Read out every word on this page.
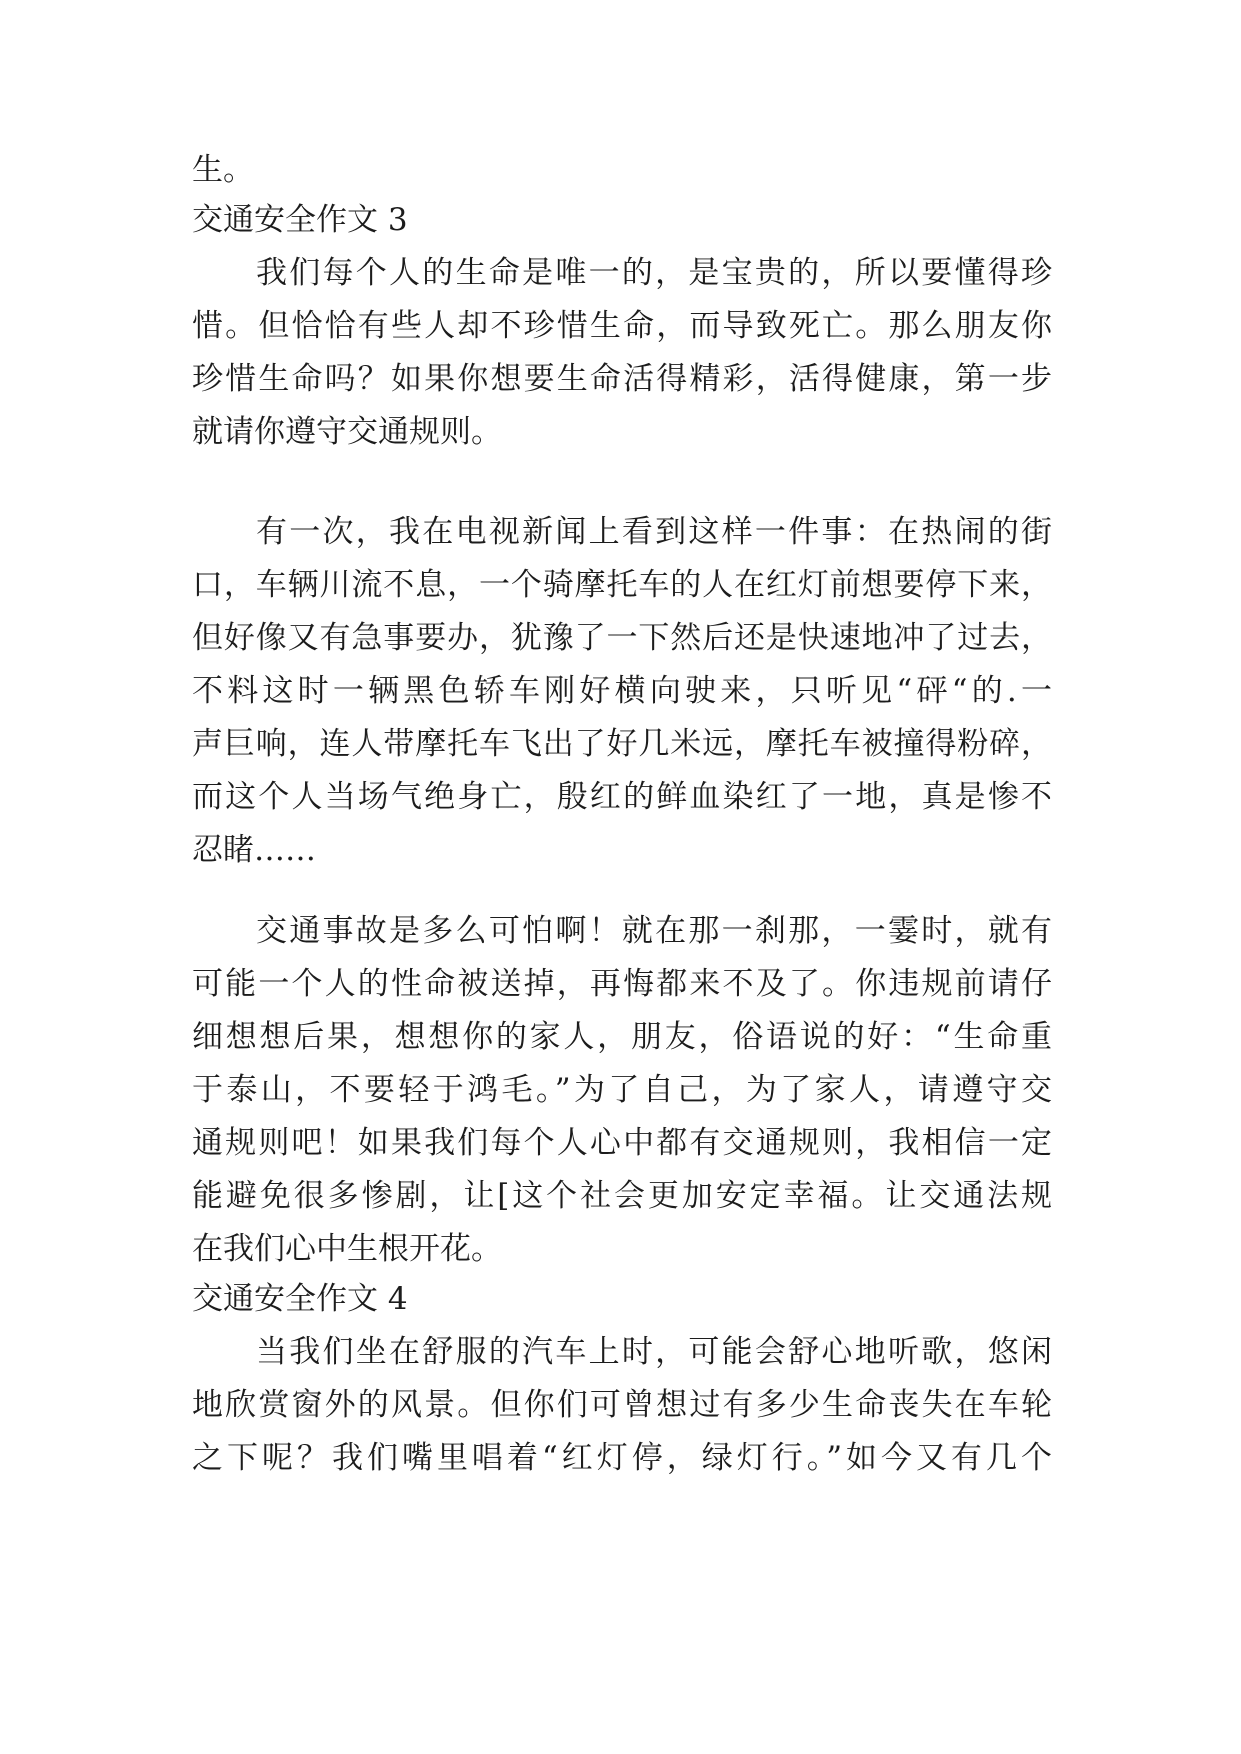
生。
交通安全作文 3
我们每个人的生命是唯一的，是宝贵的，所以要懂得珍
惜。但恰恰有些人却不珍惜生命，而导致死亡。那么朋友你
珍惜生命吗？如果你想要生命活得精彩，活得健康，第一步
就请你遵守交通规则。
有一次，我在电视新闻上看到这样一件事：在热闹的街
口，车辆川流不息，一个骑摩托车的人在红灯前想要停下来，
但好像又有急事要办，犹豫了一下然后还是快速地冲了过去，
不料这时一辆黑色轿车刚好横向驶来，只听见“砰“的.一
声巨响，连人带摩托车飞出了好几米远，摩托车被撞得粉碎，
而这个人当场气绝身亡，殷红的鲜血染红了一地，真是惨不
忍睹……
交通事故是多么可怕啊！就在那一刹那，一霎时，就有
可能一个人的性命被送掉，再悔都来不及了。你违规前请仔
细想想后果，想想你的家人，朋友，俗语说的好：“生命重
于泰山，不要轻于鸿毛。”为了自己，为了家人，请遵守交
通规则吧！如果我们每个人心中都有交通规则，我相信一定
能避免很多惨剧，让[这个社会更加安定幸福。让交通法规
在我们心中生根开花。
交通安全作文 4
当我们坐在舒服的汽车上时，可能会舒心地听歌，悠闲
地欣赏窗外的风景。但你们可曾想过有多少生命丧失在车轮
之下呢？我们嘴里唱着“红灯停，绿灯行。”如今又有几个
